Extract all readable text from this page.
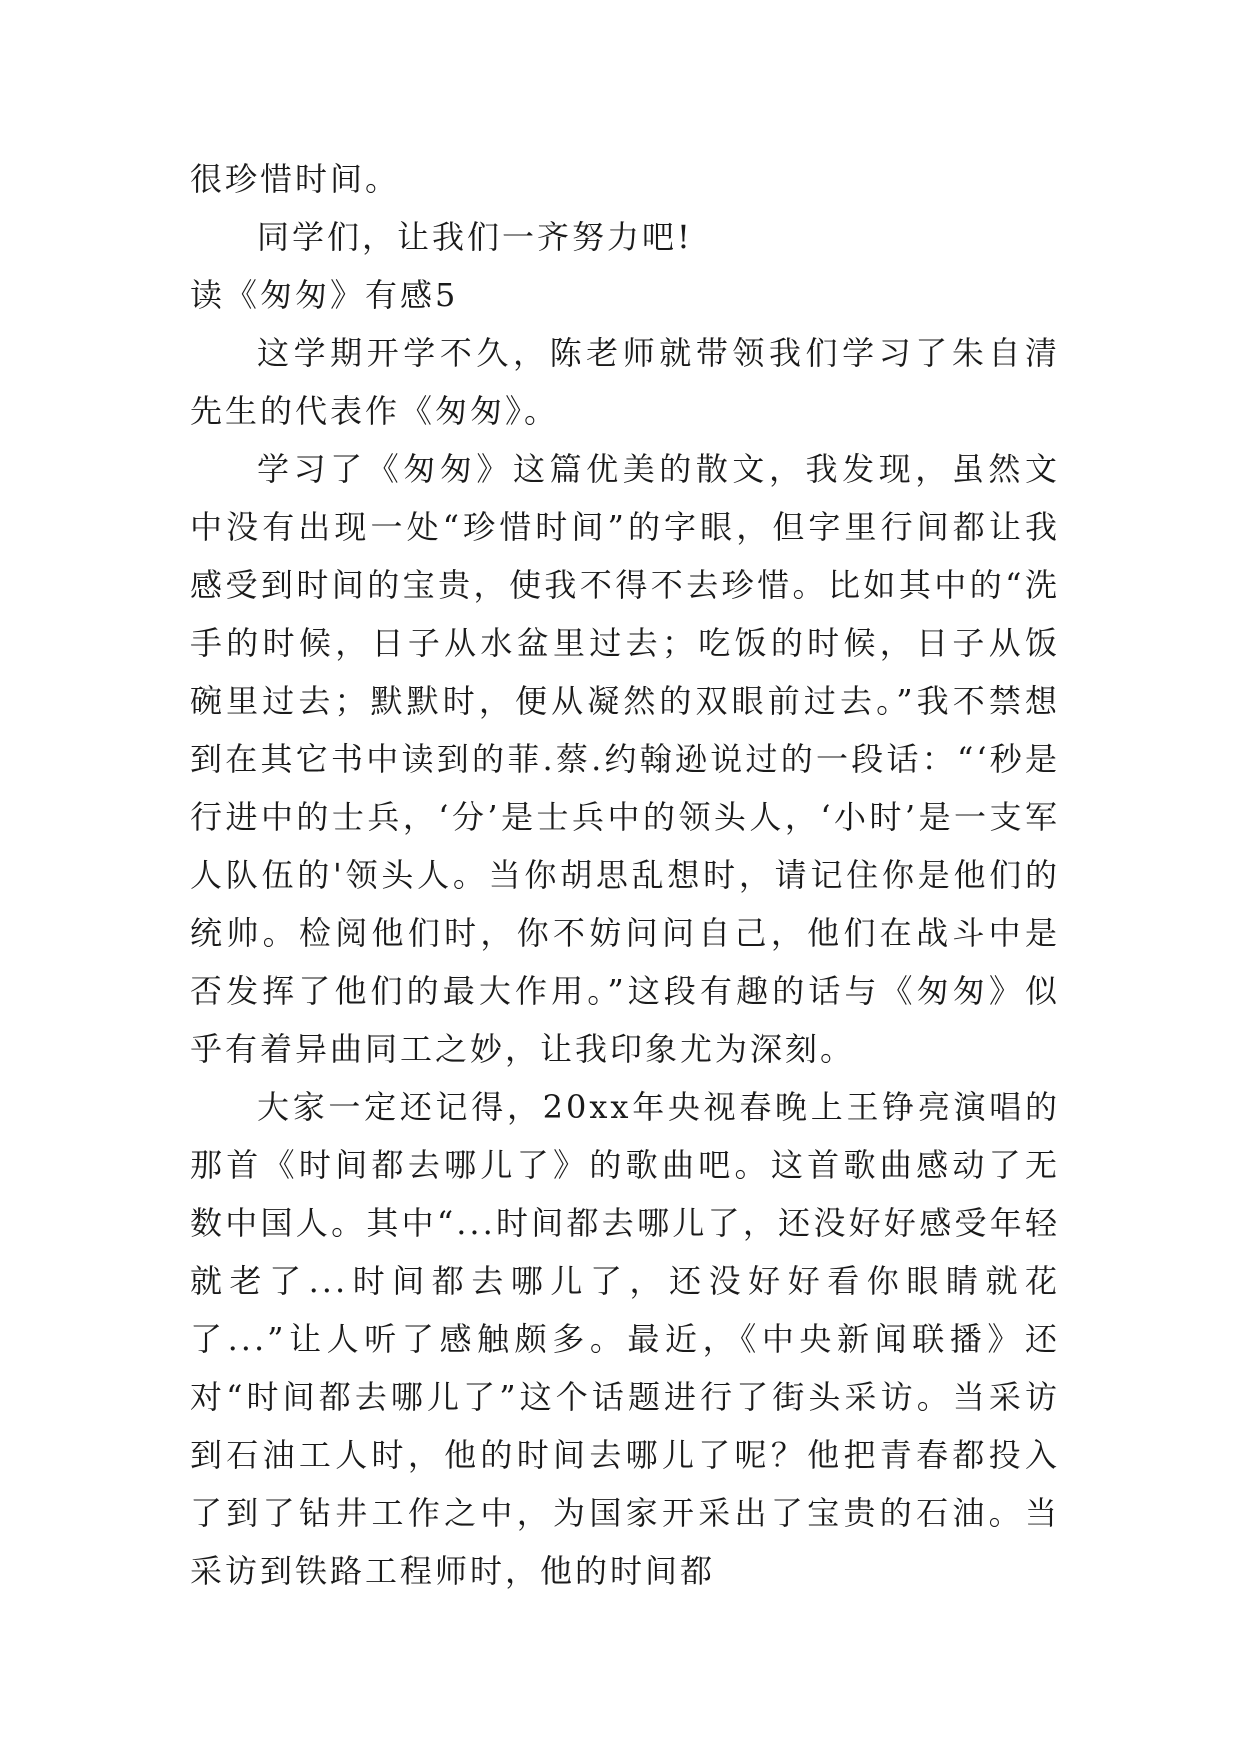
很珍惜时间。

同学们，让我们一齐努力吧!

读《匆匆》有感5

这学期开学不久，陈老师就带领我们学习了朱自清先生的代表作《匆匆》。

学习了《匆匆》这篇优美的散文，我发现，虽然文中没有出现一处“珍惜时间”的字眼，但字里行间都让我感受到时间的宝贵，使我不得不去珍惜。比如其中的“洗手的时候，日子从水盆里过去；吃饭的时候，日子从饭碗里过去；默默时，便从凝然的双眼前过去。”我不禁想到在其它书中读到的菲.蔡.约翰逊说过的一段话：“‘秒是行进中的士兵，‘分’是士兵中的领头人，‘小时’是一支军人队伍的'领头人。当你胡思乱想时，请记住你是他们的统帅。检阅他们时，你不妨问问自己，他们在战斗中是否发挥了他们的最大作用。”这段有趣的话与《匆匆》似乎有着异曲同工之妙，让我印象尤为深刻。

大家一定还记得，20xx年央视春晚上王铮亮演唱的那首《时间都去哪儿了》的歌曲吧。这首歌曲感动了无数中国人。其中“...时间都去哪儿了，还没好好感受年轻就老了...时间都去哪儿了，还没好好看你眼睛就花了...”让人听了感触颇多。最近，《中央新闻联播》还对“时间都去哪儿了”这个话题进行了街头采访。当采访到石油工人时，他的时间去哪儿了呢？他把青春都投入了到了钻井工作之中，为国家开采出了宝贵的石油。当采访到铁路工程师时，他的时间都
